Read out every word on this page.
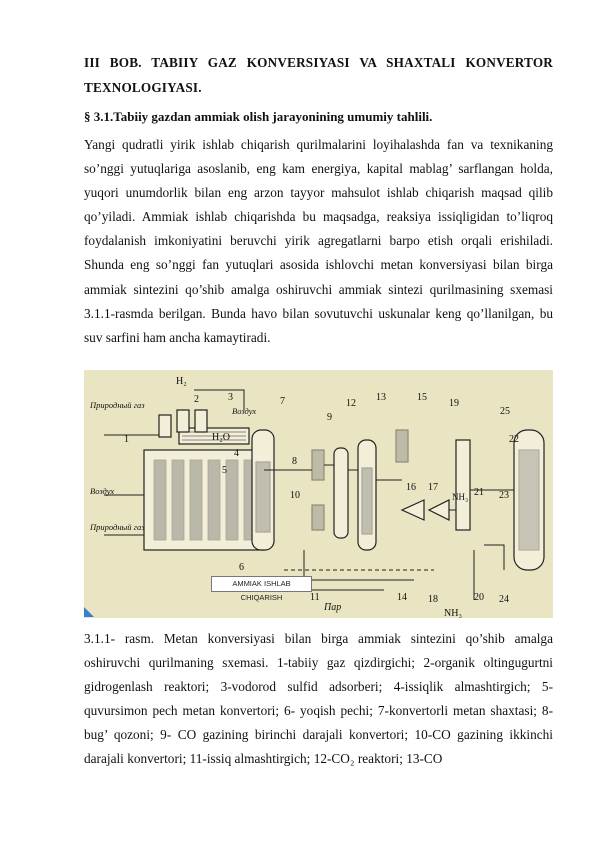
III BOB. TABIIY GAZ KONVERSIYASI VA SHAXTALI KONVERTOR
TEXNOLOGIYASI.

§ 3.1.Tabiiy gazdan ammiak olish jarayonining umumiy tahlili.

Yangi qudratli yirik ishlab chiqarish qurilmalarini loyihalashda fan va texnikaning so’nggi yutuqlariga asoslanib, eng kam energiya, kapital mablag’ sarflangan holda, yuqori unumdorlik bilan eng arzon tayyor mahsulot ishlab chiqarish maqsad qilib qo’yiladi. Ammiak ishlab chiqarishda bu maqsadga, reaksiya issiqligidan to’liqroq foydalanish imkoniyatini beruvchi yirik agregatlarni barpo etish orqali erishiladi. Shunda eng so’nggi fan yutuqlari asosida ishlovchi metan konversiyasi bilan birga ammiak sintezini qo’shib amalga oshiruvchi ammiak sintezi qurilmasining sxemasi 3.1.1-rasmda berilgan. Bunda havo bilan sovutuvchi uskunalar keng qo’llanilgan, bu suv sarfini ham ancha kamaytiradi.

H₂
H₂O
NH₃
NH₃
Природный газ
Воздух
Воздух
Природный газ
Пар
1
2	3
4
5
6
7
8
9
10
11
12
13
14
15
16 17
18
19
20
21
22
23
24
25
AMMIAK ISHLAB CHIQARISH

3.1.1- rasm. Metan konversiyasi bilan birga ammiak sintezini qo’shib amalga oshiruvchi qurilmaning sxemasi. 1-tabiiy gaz qizdirgichi; 2-organik oltingugurtni gidrogenlash reaktori; 3-vodorod sulfid adsorberi; 4-issiqlik almashtirgich; 5-quvursimon pech metan konvertori; 6- yoqish pechi; 7-konvertorli metan shaxtasi; 8-bug’ qozoni; 9- CO gazining birinchi darajali konvertori; 10-CO gazining ikkinchi darajali konvertori; 11-issiq almashtirgich; 12-CO₂ reaktori; 13-CO
